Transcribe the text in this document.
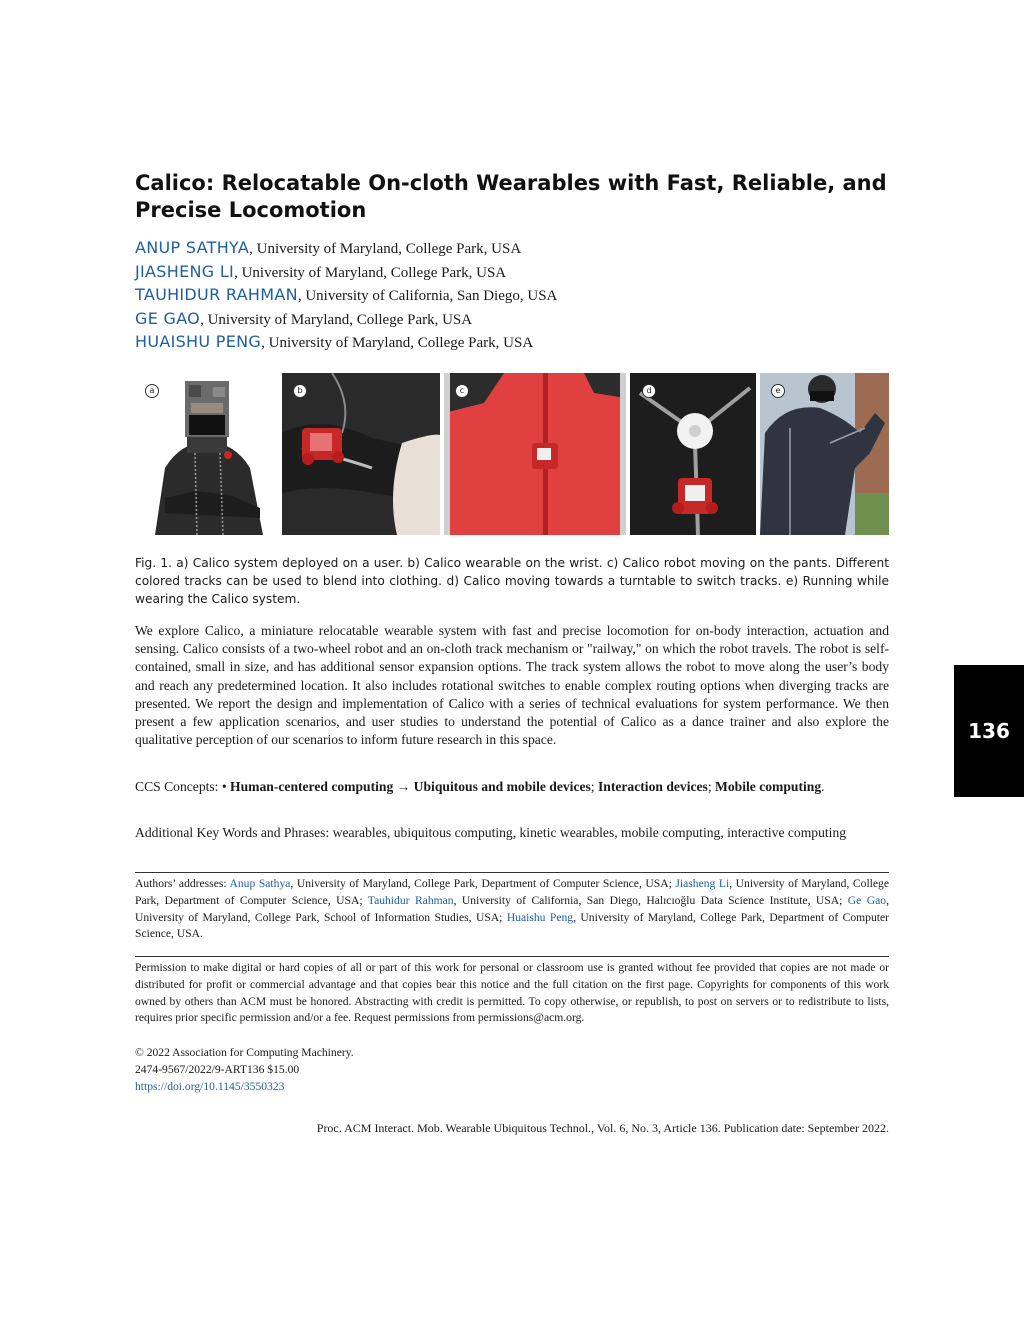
Calico: Relocatable On-cloth Wearables with Fast, Reliable, and Precise Locomotion
ANUP SATHYA, University of Maryland, College Park, USA
JIASHENG LI, University of Maryland, College Park, USA
TAUHIDUR RAHMAN, University of California, San Diego, USA
GE GAO, University of Maryland, College Park, USA
HUAISHU PENG, University of Maryland, College Park, USA
a	b	c	d	e
Fig. 1. a) Calico system deployed on a user. b) Calico wearable on the wrist. c) Calico robot moving on the pants. Different colored tracks can be used to blend into clothing. d) Calico moving towards a turntable to switch tracks. e) Running while wearing the Calico system.
We explore Calico, a miniature relocatable wearable system with fast and precise locomotion for on-body interaction, actuation and sensing. Calico consists of a two-wheel robot and an on-cloth track mechanism or "railway," on which the robot travels. The robot is self-contained, small in size, and has additional sensor expansion options. The track system allows the robot to move along the user’s body and reach any predetermined location. It also includes rotational switches to enable complex routing options when diverging tracks are presented. We report the design and implementation of Calico with a series of technical evaluations for system performance. We then present a few application scenarios, and user studies to understand the potential of Calico as a dance trainer and also explore the qualitative perception of our scenarios to inform future research in this space.
CCS Concepts: • Human-centered computing → Ubiquitous and mobile devices; Interaction devices; Mobile computing.
Additional Key Words and Phrases: wearables, ubiquitous computing, kinetic wearables, mobile computing, interactive computing
Authors’ addresses: Anup Sathya, University of Maryland, College Park, Department of Computer Science, USA; Jiasheng Li, University of Maryland, College Park, Department of Computer Science, USA; Tauhidur Rahman, University of California, San Diego, Halıcıoğlu Data Science Institute, USA; Ge Gao, University of Maryland, College Park, School of Information Studies, USA; Huaishu Peng, University of Maryland, College Park, Department of Computer Science, USA.
Permission to make digital or hard copies of all or part of this work for personal or classroom use is granted without fee provided that copies are not made or distributed for profit or commercial advantage and that copies bear this notice and the full citation on the first page. Copyrights for components of this work owned by others than ACM must be honored. Abstracting with credit is permitted. To copy otherwise, or republish, to post on servers or to redistribute to lists, requires prior specific permission and/or a fee. Request permissions from permissions@acm.org.
© 2022 Association for Computing Machinery.
2474-9567/2022/9-ART136 $15.00
https://doi.org/10.1145/3550323
Proc. ACM Interact. Mob. Wearable Ubiquitous Technol., Vol. 6, No. 3, Article 136. Publication date: September 2022.
136
